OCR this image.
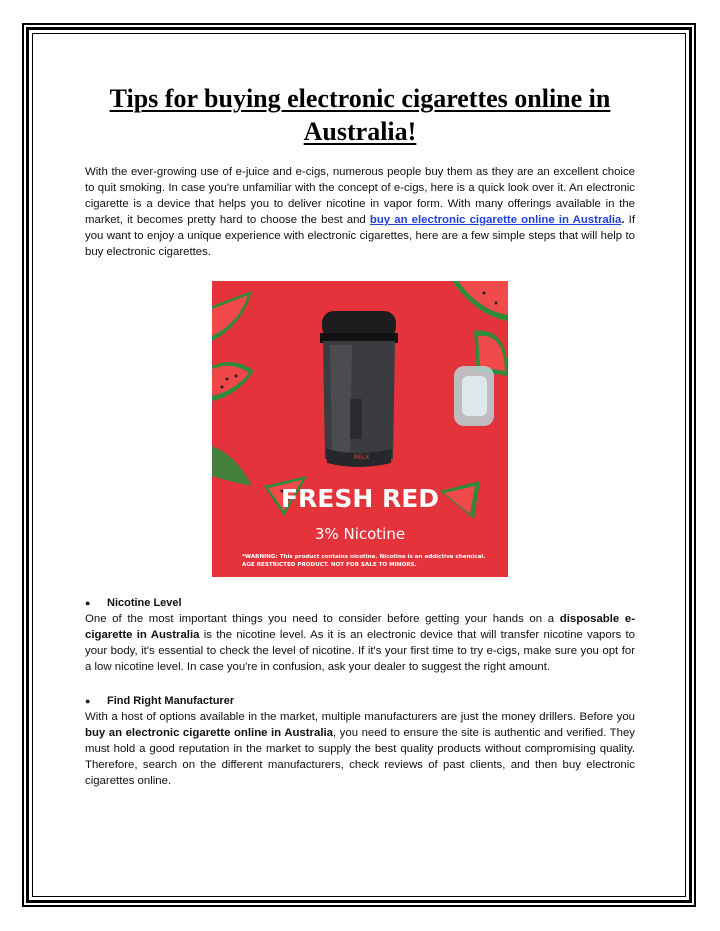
Tips for buying electronic cigarettes online in Australia!

With the ever-growing use of e-juice and e-cigs, numerous people buy them as they are an excellent choice to quit smoking. In case you're unfamiliar with the concept of e-cigs, here is a quick look over it. An electronic cigarette is a device that helps you to deliver nicotine in vapor form. With many offerings available in the market, it becomes pretty hard to choose the best and buy an electronic cigarette online in Australia. If you want to enjoy a unique experience with electronic cigarettes, here are a few simple steps that will help to buy electronic cigarettes.

RELX
FRESH RED
3% Nicotine
*WARNING: This product contains nicotine. Nicotine is an addictive chemical.
AGE RESTRICTED PRODUCT. NOT FOR SALE TO MINORS.
● Nicotine Level

One of the most important things you need to consider before getting your hands on a disposable e-cigarette in Australia is the nicotine level. As it is an electronic device that will transfer nicotine vapors to your body, it's essential to check the level of nicotine. If it's your first time to try e-cigs, make sure you opt for a low nicotine level. In case you're in confusion, ask your dealer to suggest the right amount.

● Find Right Manufacturer

With a host of options available in the market, multiple manufacturers are just the money drillers. Before you buy an electronic cigarette online in Australia, you need to ensure the site is authentic and verified. They must hold a good reputation in the market to supply the best quality products without compromising quality. Therefore, search on the different manufacturers, check reviews of past clients, and then buy electronic cigarettes online.
